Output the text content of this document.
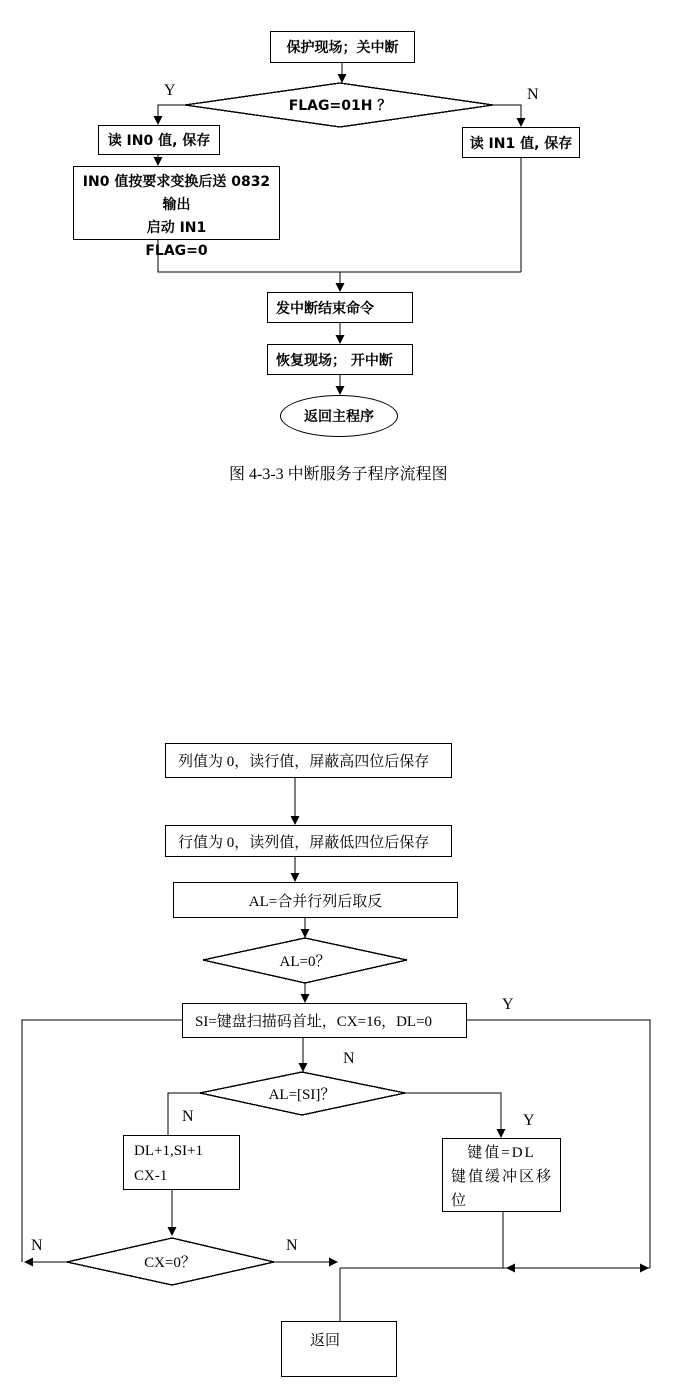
保护现场；关中断
FLAG=01H ？
Y	N
读 IN0 值, 保存
IN0 值按要求变换后送 0832 输出
启动 IN1
FLAG=0
读 IN1 值, 保存
发中断结束命令
恢复现场； 开中断
返回主程序
图 4-3-3 中断服务子程序流程图
列值为 0，读行值，屏蔽高四位后保存
行值为 0，读列值，屏蔽低四位后保存
AL=合并行列后取反
AL=0？
SI=键盘扫描码首址，CX=16，DL=0
Y
N
AL=[SI]？
N	Y
DL+1,SI+1
CX-1
键值=DL
键值缓冲区移
位
CX=0？
N	N
返回
